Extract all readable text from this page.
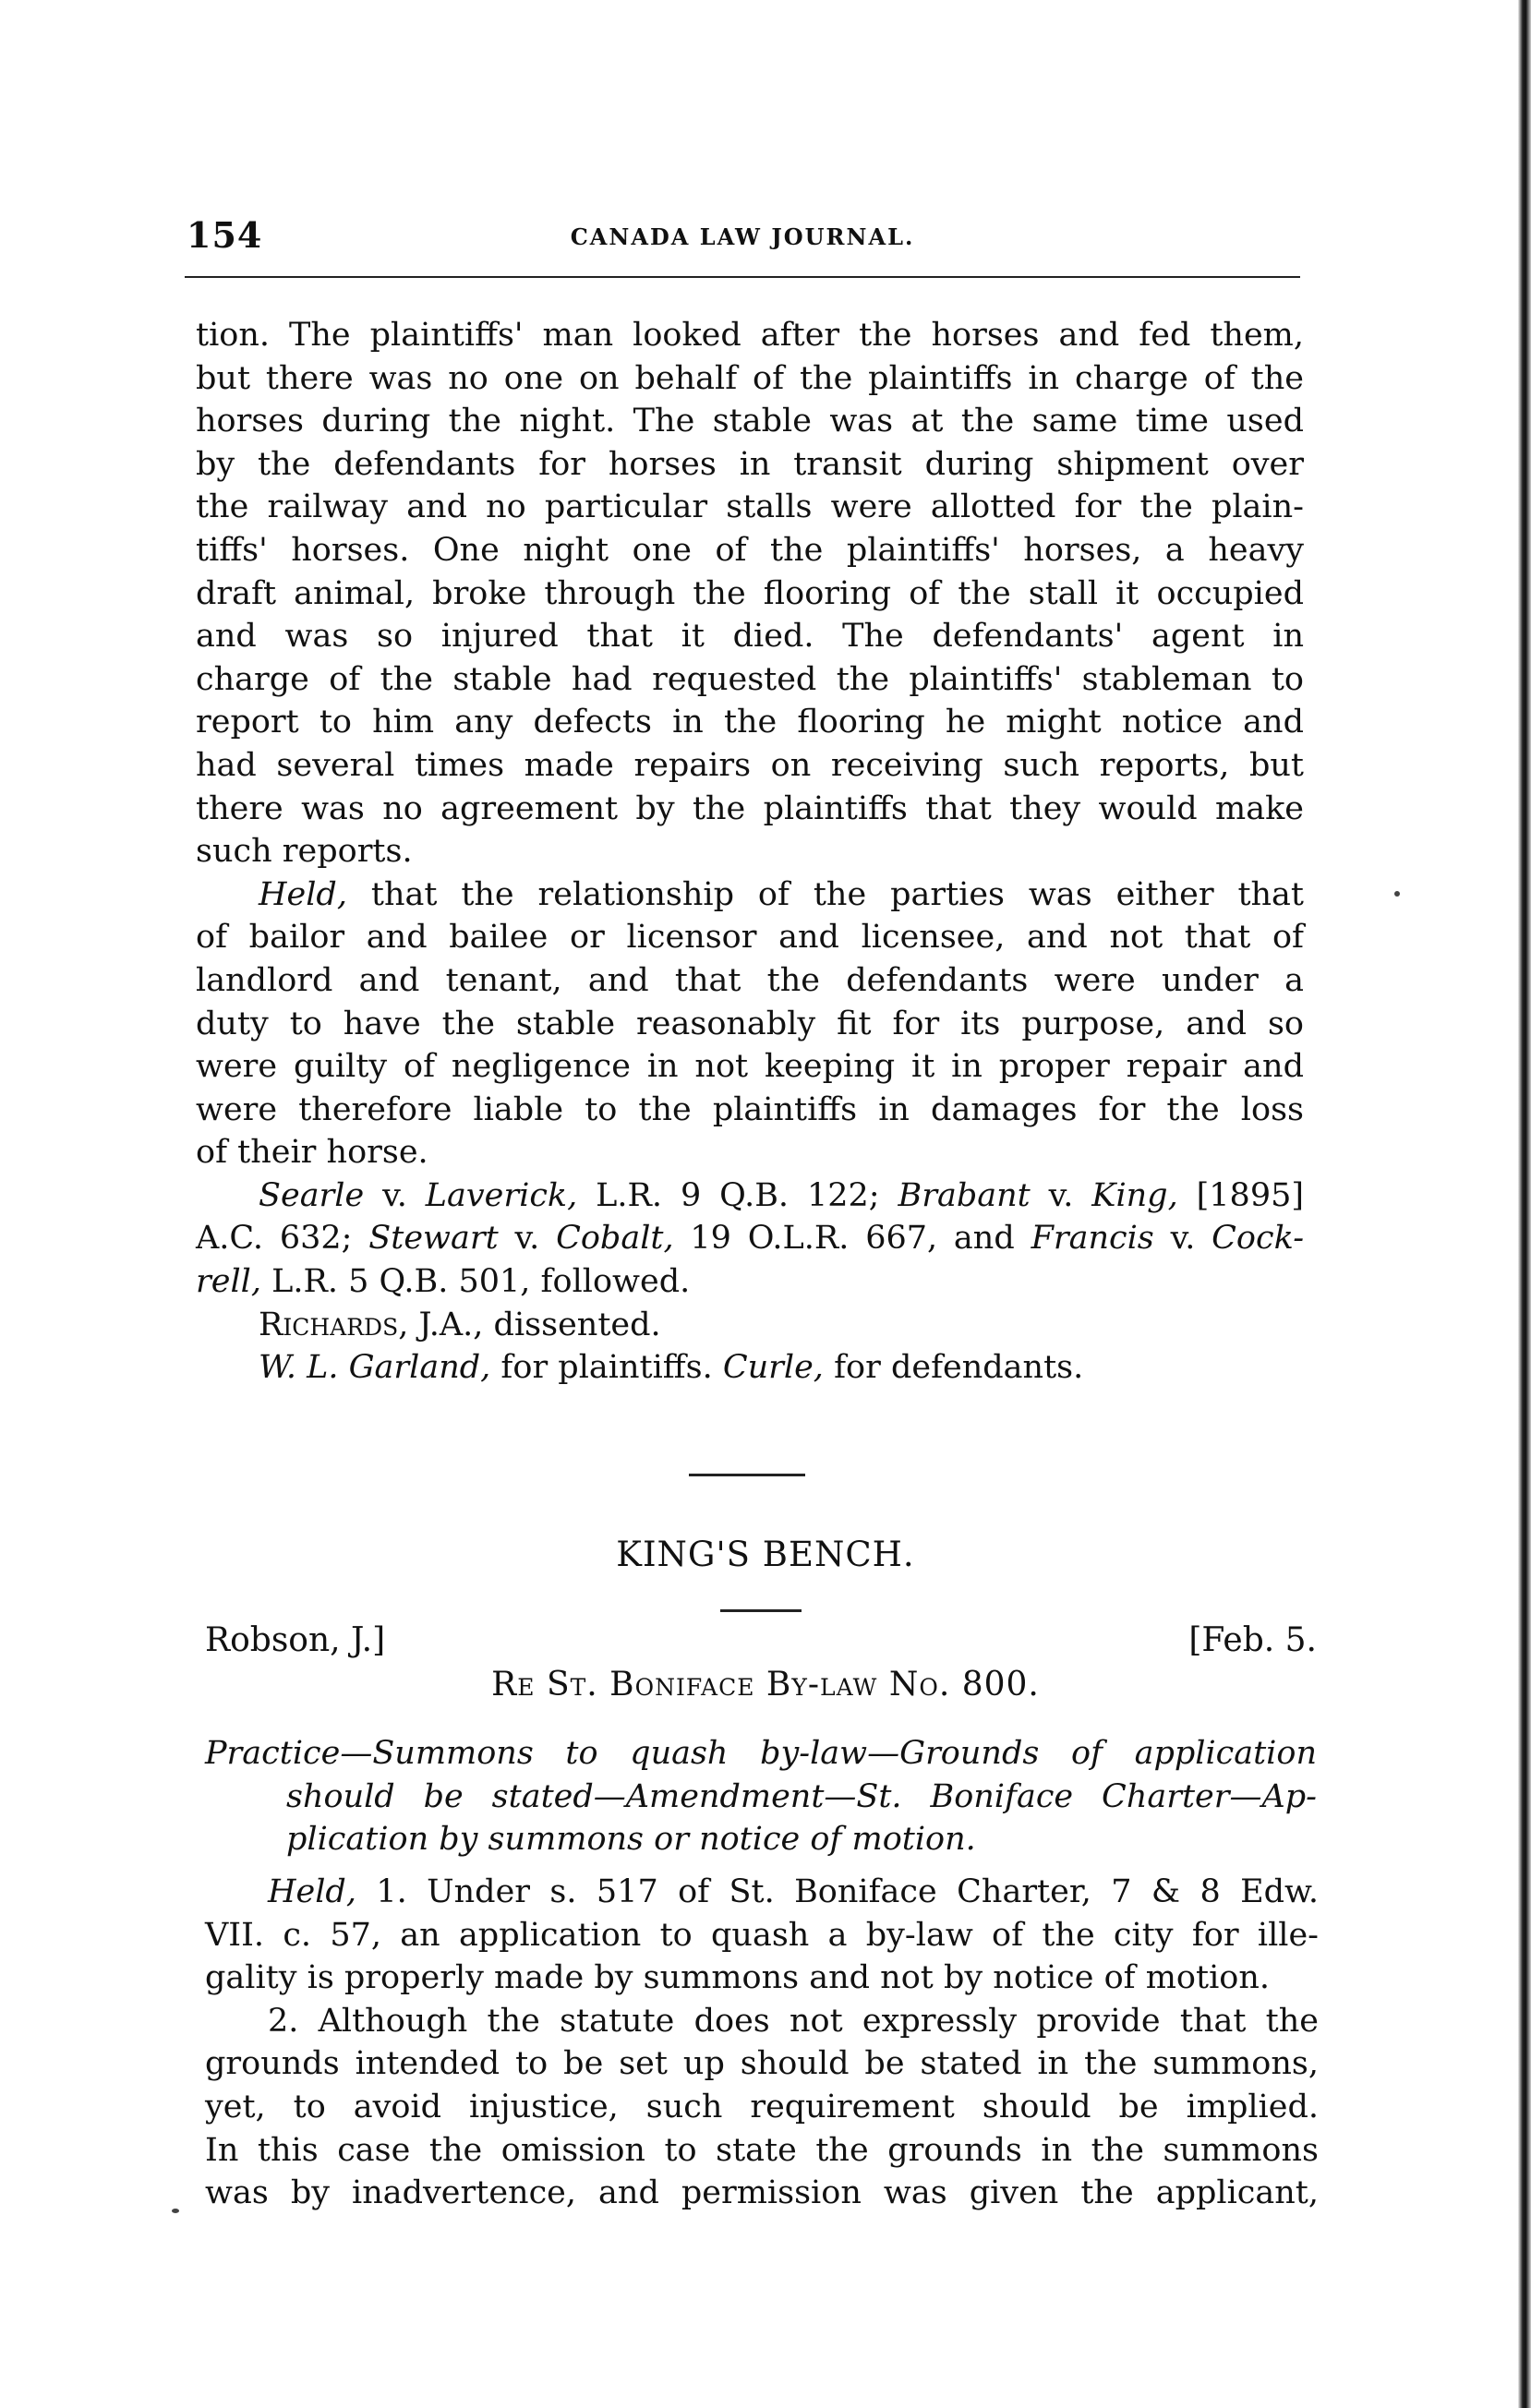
154	CANADA LAW JOURNAL.

tion. The plaintiffs' man looked after the horses and fed them,

but there was no one on behalf of the plaintiffs in charge of the

horses during the night. The stable was at the same time used

by the defendants for horses in transit during shipment over

the railway and no particular stalls were allotted for the plain-

tiffs' horses. One night one of the plaintiffs' horses, a heavy

draft animal, broke through the flooring of the stall it occupied

and was so injured that it died. The defendants' agent in

charge of the stable had requested the plaintiffs' stableman to

report to him any defects in the flooring he might notice and

had several times made repairs on receiving such reports, but

there was no agreement by the plaintiffs that they would make

such reports.

Held, that the relationship of the parties was either that

of bailor and bailee or licensor and licensee, and not that of

landlord and tenant, and that the defendants were under a

duty to have the stable reasonably fit for its purpose, and so

were guilty of negligence in not keeping it in proper repair and

were therefore liable to the plaintiffs in damages for the loss

of their horse.

Searle v. Laverick, L.R. 9 Q.B. 122; Brabant v. King, [1895]

A.C. 632; Stewart v. Cobalt, 19 O.L.R. 667, and Francis v. Cock-

rell, L.R. 5 Q.B. 501, followed.

Richards, J.A., dissented.

W. L. Garland, for plaintiffs. Curle, for defendants.

KING'S BENCH.
Robson, J.]	[Feb. 5.
Re St. Boniface By-law No. 800.
Practice—Summons to quash by-law—Grounds of application
should be stated—Amendment—St. Boniface Charter—Ap-
plication by summons or notice of motion.

Held, 1. Under s. 517 of St. Boniface Charter, 7 & 8 Edw.

VII. c. 57, an application to quash a by-law of the city for ille-

gality is properly made by summons and not by notice of motion.

2. Although the statute does not expressly provide that the

grounds intended to be set up should be stated in the summons,

yet, to avoid injustice, such requirement should be implied.

In this case the omission to state the grounds in the summons

was by inadvertence, and permission was given the applicant,
